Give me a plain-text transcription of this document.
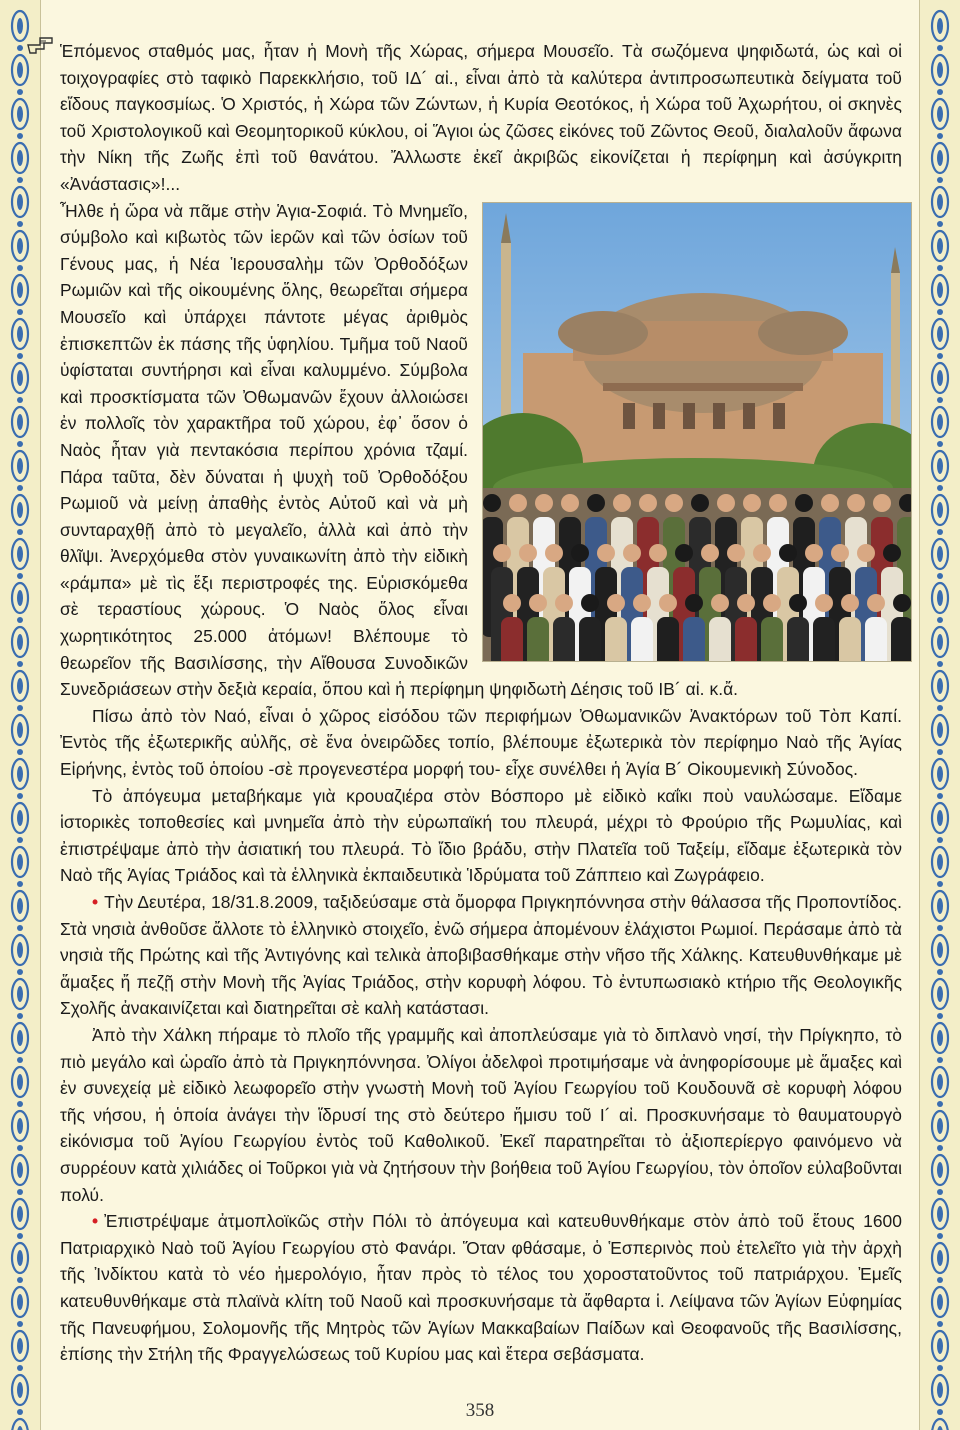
Ἑπόμενος σταθμός μας, ἦταν ἡ Μονὴ τῆς Χώρας, σήμερα Μουσεῖο. Τὰ σωζόμενα ψηφιδωτά, ὡς καὶ οἱ τοιχογραφίες στὸ ταφικὸ Παρεκκλήσιο, τοῦ ΙΔ´ αἰ., εἶναι ἀπὸ τὰ καλύτερα ἀντιπροσωπευτικὰ δείγματα τοῦ εἴδους παγκοσμίως. Ὁ Χριστός, ἡ Χώρα τῶν Ζώντων, ἡ Κυρία Θεοτόκος, ἡ Χώρα τοῦ Ἀχωρήτου, οἱ σκηνὲς τοῦ Χριστολογικοῦ καὶ Θεομητορικοῦ κύκλου, οἱ Ἅγιοι ὡς ζῶσες εἰκόνες τοῦ Ζῶντος Θεοῦ, διαλαλοῦν ἄφωνα τὴν Νίκη τῆς Ζωῆς ἐπὶ τοῦ θανάτου. Ἄλλωστε ἐκεῖ ἀκριβῶς εἰκονίζεται ἡ περίφημη καὶ ἀσύγκριτη «Ἀνάστασις»!...

Ἦλθε ἡ ὥρα νὰ πᾶμε στὴν Ἁγια-Σοφιά. Τὸ Μνημεῖο, σύμβολο καὶ κιβωτὸς τῶν ἱερῶν καὶ τῶν ὁσίων τοῦ Γένους μας, ἡ Νέα Ἱερουσαλὴμ τῶν Ὀρθοδόξων Ρωμιῶν καὶ τῆς οἰκουμένης ὅλης, θεωρεῖται σήμερα Μουσεῖο καὶ ὑπάρχει πάντοτε μέγας ἀριθμὸς ἐπισκεπτῶν ἐκ πάσης τῆς ὑφηλίου. Τμῆμα τοῦ Ναοῦ ὑφίσταται συντήρησι καὶ εἶναι καλυμμένο. Σύμβολα καὶ προσκτίσματα τῶν Ὀθωμανῶν ἔχουν ἀλλοιώσει ἐν πολλοῖς τὸν χαρακτῆρα τοῦ χώρου, ἐφ᾽ ὅσον ὁ Ναὸς ἦταν γιὰ πεντακόσια περίπου χρόνια τζαμί. Πάρα ταῦτα, δὲν δύναται ἡ ψυχὴ τοῦ Ὀρθοδόξου Ρωμιοῦ νὰ μείνῃ ἀπαθὴς ἐντὸς Αὐτοῦ καὶ νὰ μὴ συνταραχθῇ ἀπὸ τὸ μεγαλεῖο, ἀλλὰ καὶ ἀπὸ τὴν θλῖψι. Ἀνερχόμεθα στὸν γυναικωνίτη ἀπὸ τὴν εἰδικὴ «ράμπα» μὲ τὶς ἕξι περιστροφές της. Εὑρισκόμεθα σὲ τεραστίους χώρους. Ὁ Ναὸς ὅλος εἶναι χωρητικότητος 25.000 ἀτόμων! Βλέπουμε τὸ θεωρεῖον τῆς Βασιλίσσης, τὴν Αἴθουσα Συνοδικῶν Συνεδριάσεων στὴν δεξιὰ κεραία, ὅπου καὶ ἡ περίφημη ψηφιδωτὴ Δέησις τοῦ ΙΒ´ αἰ. κ.ἄ.

Πίσω ἀπὸ τὸν Ναό, εἶναι ὁ χῶρος εἰσόδου τῶν περιφήμων Ὀθωμανικῶν Ἀνακτόρων τοῦ Τὸπ Καπί. Ἐντὸς τῆς ἐξωτερικῆς αὐλῆς, σὲ ἕνα ὀνειρῶδες τοπίο, βλέπουμε ἐξωτερικὰ τὸν περίφημο Ναὸ τῆς Ἁγίας Εἰρήνης, ἐντὸς τοῦ ὁποίου -σὲ προγενεστέρα μορφή του- εἶχε συνέλθει ἡ Ἁγία Β´ Οἰκουμενικὴ Σύνοδος.

Τὸ ἀπόγευμα μεταβήκαμε γιὰ κρουαζιέρα στὸν Βόσπορο μὲ εἰδικὸ καΐκι ποὺ ναυλώσαμε. Εἴδαμε ἱστορικὲς τοποθεσίες καὶ μνημεῖα ἀπὸ τὴν εὐρωπαϊκή του πλευρά, μέχρι τὸ Φρούριο τῆς Ρωμυλίας, καὶ ἐπιστρέψαμε ἀπὸ τὴν ἀσιατική του πλευρά. Τὸ ἴδιο βράδυ, στὴν Πλατεῖα τοῦ Ταξείμ, εἴδαμε ἐξωτερικὰ τὸν Ναὸ τῆς Ἁγίας Τριάδος καὶ τὰ ἑλληνικὰ ἐκπαιδευτικὰ Ἱδρύματα τοῦ Ζάππειο καὶ Ζωγράφειο.

• Τὴν Δευτέρα, 18/31.8.2009, ταξιδεύσαμε στὰ ὄμορφα Πριγκηπόννησα στὴν θάλασσα τῆς Προποντίδος. Στὰ νησιὰ ἀνθοῦσε ἄλλοτε τὸ ἑλληνικὸ στοιχεῖο, ἐνῶ σήμερα ἀπομένουν ἐλάχιστοι Ρωμιοί. Περάσαμε ἀπὸ τὰ νησιὰ τῆς Πρώτης καὶ τῆς Ἀντιγόνης καὶ τελικὰ ἀποβιβασθήκαμε στὴν νῆσο τῆς Χάλκης. Κατευθυνθήκαμε μὲ ἅμαξες ἤ πεζῇ στὴν Μονὴ τῆς Ἁγίας Τριάδος, στὴν κορυφὴ λόφου. Τὸ ἐντυπωσιακὸ κτήριο τῆς Θεολογικῆς Σχολῆς ἀνακαινίζεται καὶ διατηρεῖται σὲ καλὴ κατάστασι.

Ἀπὸ τὴν Χάλκη πήραμε τὸ πλοῖο τῆς γραμμῆς καὶ ἀποπλεύσαμε γιὰ τὸ διπλανὸ νησί, τὴν Πρίγκηπο, τὸ πιὸ μεγάλο καὶ ὡραῖο ἀπὸ τὰ Πριγκηπόννησα. Ὀλίγοι ἀδελφοὶ προτιμήσαμε νὰ ἀνηφορίσουμε μὲ ἅμαξες καὶ ἐν συνεχείᾳ μὲ εἰδικὸ λεωφορεῖο στὴν γνωστὴ Μονὴ τοῦ Ἁγίου Γεωργίου τοῦ Κουδουνᾶ σὲ κορυφὴ λόφου τῆς νήσου, ἡ ὁποία ἀνάγει τὴν ἵδρυσί της στὸ δεύτερο ἥμισυ τοῦ Ι´ αἰ. Προσκυνήσαμε τὸ θαυματουργὸ εἰκόνισμα τοῦ Ἁγίου Γεωργίου ἐντὸς τοῦ Καθολικοῦ. Ἐκεῖ παρατηρεῖται τὸ ἀξιοπερίεργο φαινόμενο νὰ συρρέουν κατὰ χιλιάδες οἱ Τοῦρκοι γιὰ νὰ ζητήσουν τὴν βοήθεια τοῦ Ἁγίου Γεωργίου, τὸν ὁποῖον εὐλαβοῦνται πολύ.

• Ἐπιστρέψαμε ἀτμοπλοϊκῶς στὴν Πόλι τὸ ἀπόγευμα καὶ κατευθυνθήκαμε στὸν ἀπὸ τοῦ ἔτους 1600 Πατριαρχικὸ Ναὸ τοῦ Ἁγίου Γεωργίου στὸ Φανάρι. Ὅταν φθάσαμε, ὁ Ἑσπερινὸς ποὺ ἐτελεῖτο γιὰ τὴν ἀρχὴ τῆς Ἰνδίκτου κατὰ τὸ νέο ἡμερολόγιο, ἦταν πρὸς τὸ τέλος του χοροστατοῦντος τοῦ πατριάρχου. Ἐμεῖς κατευθυνθήκαμε στὰ πλαϊνὰ κλίτη τοῦ Ναοῦ καὶ προσκυνήσαμε τὰ ἄφθαρτα ἱ. Λείψανα τῶν Ἁγίων Εὐφημίας τῆς Πανευφήμου, Σολομονῆς τῆς Μητρὸς τῶν Ἁγίων Μακκαβαίων Παίδων καὶ Θεοφανοῦς τῆς Βασιλίσσης, ἐπίσης τὴν Στήλη τῆς Φραγγελώσεως τοῦ Κυρίου μας καὶ ἕτερα σεβάσματα.

358
